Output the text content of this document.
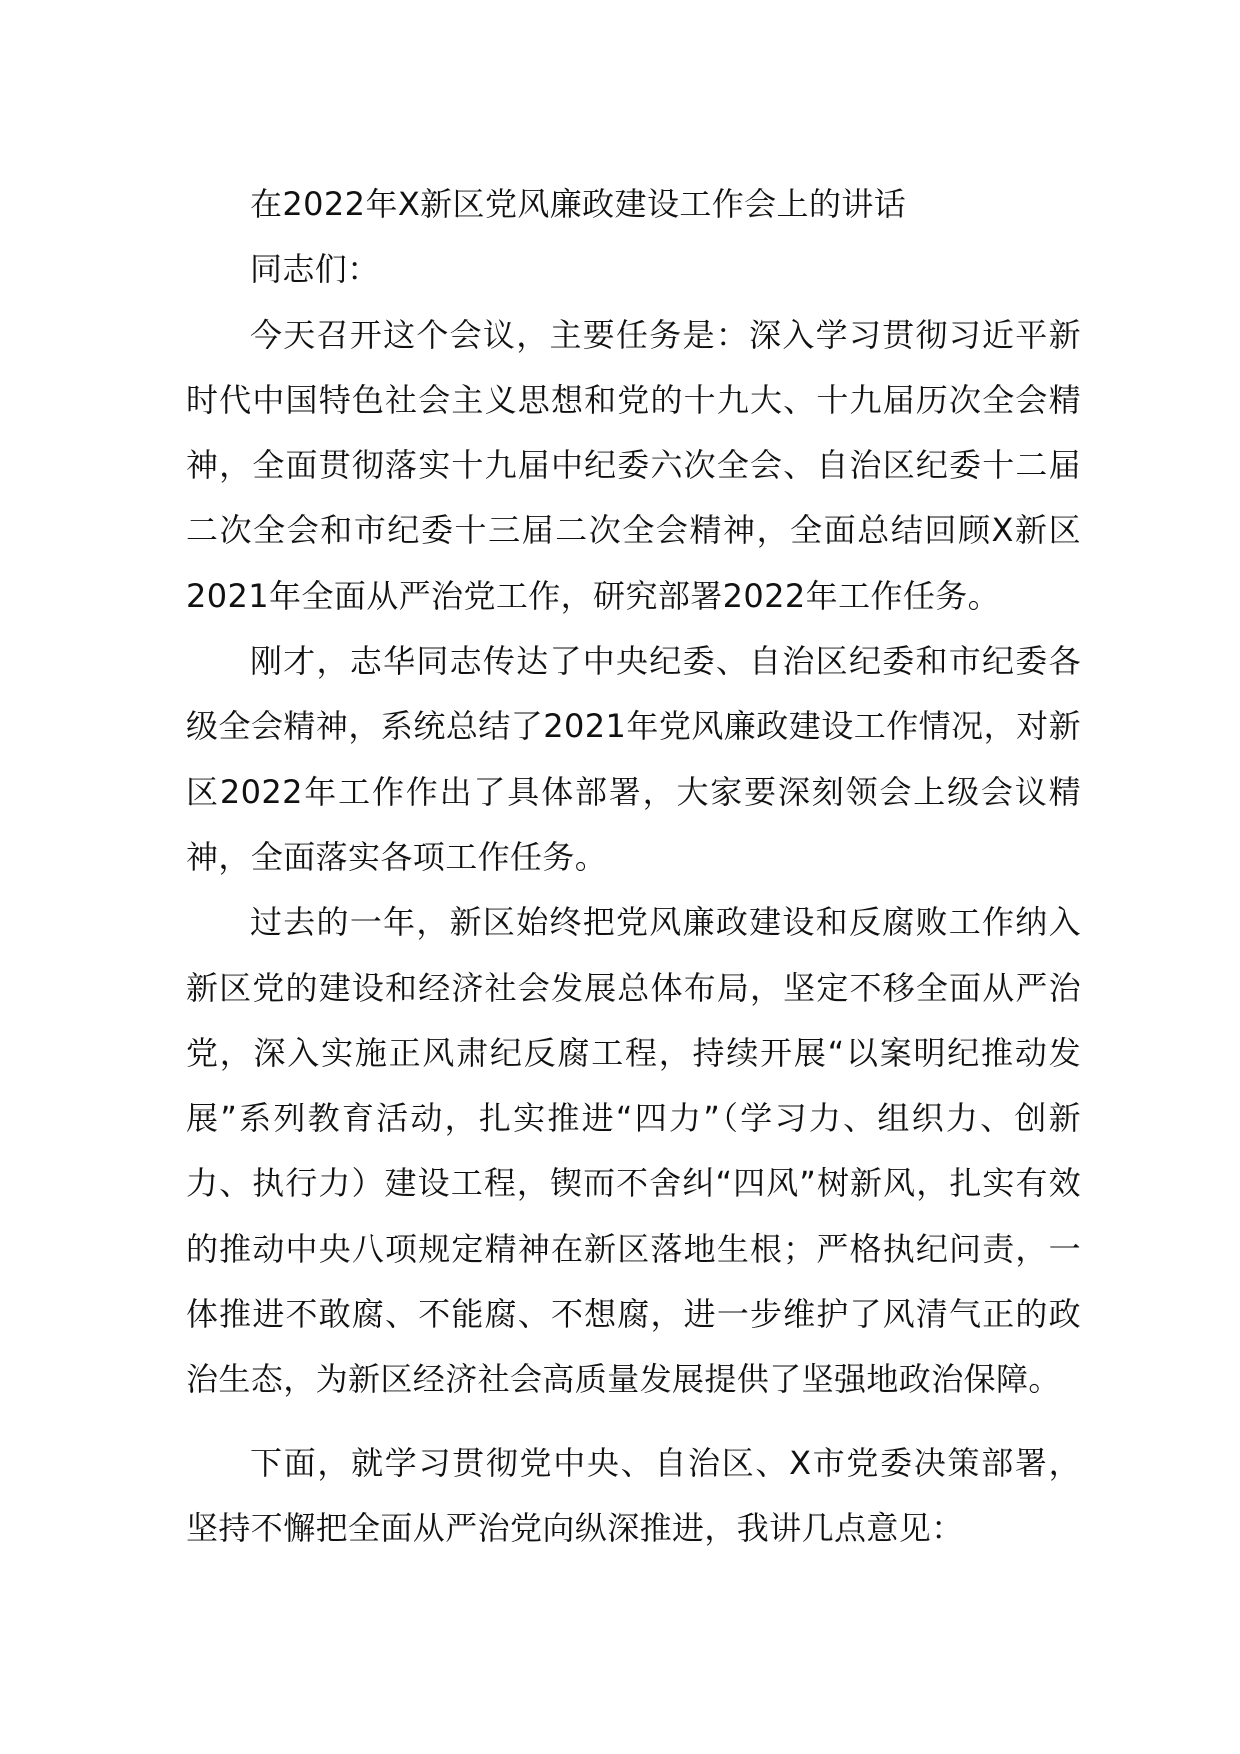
在2022年X新区党风廉政建设工作会上的讲话

同志们：

今天召开这个会议，主要任务是：深入学习贯彻习近平新时代中国特色社会主义思想和党的十九大、十九届历次全会精神，全面贯彻落实十九届中纪委六次全会、自治区纪委十二届二次全会和市纪委十三届二次全会精神，全面总结回顾X新区2021年全面从严治党工作，研究部署2022年工作任务。

刚才，志华同志传达了中央纪委、自治区纪委和市纪委各级全会精神，系统总结了2021年党风廉政建设工作情况，对新区2022年工作作出了具体部署，大家要深刻领会上级会议精神，全面落实各项工作任务。

过去的一年，新区始终把党风廉政建设和反腐败工作纳入新区党的建设和经济社会发展总体布局，坚定不移全面从严治党，深入实施正风肃纪反腐工程，持续开展“以案明纪推动发展”系列教育活动，扎实推进“四力”（学习力、组织力、创新力、执行力）建设工程，锲而不舍纠“四风”树新风，扎实有效的推动中央八项规定精神在新区落地生根；严格执纪问责，一体推进不敢腐、不能腐、不想腐，进一步维护了风清气正的政治生态，为新区经济社会高质量发展提供了坚强地政治保障。

下面，就学习贯彻党中央、自治区、X市党委决策部署，坚持不懈把全面从严治党向纵深推进，我讲几点意见：
